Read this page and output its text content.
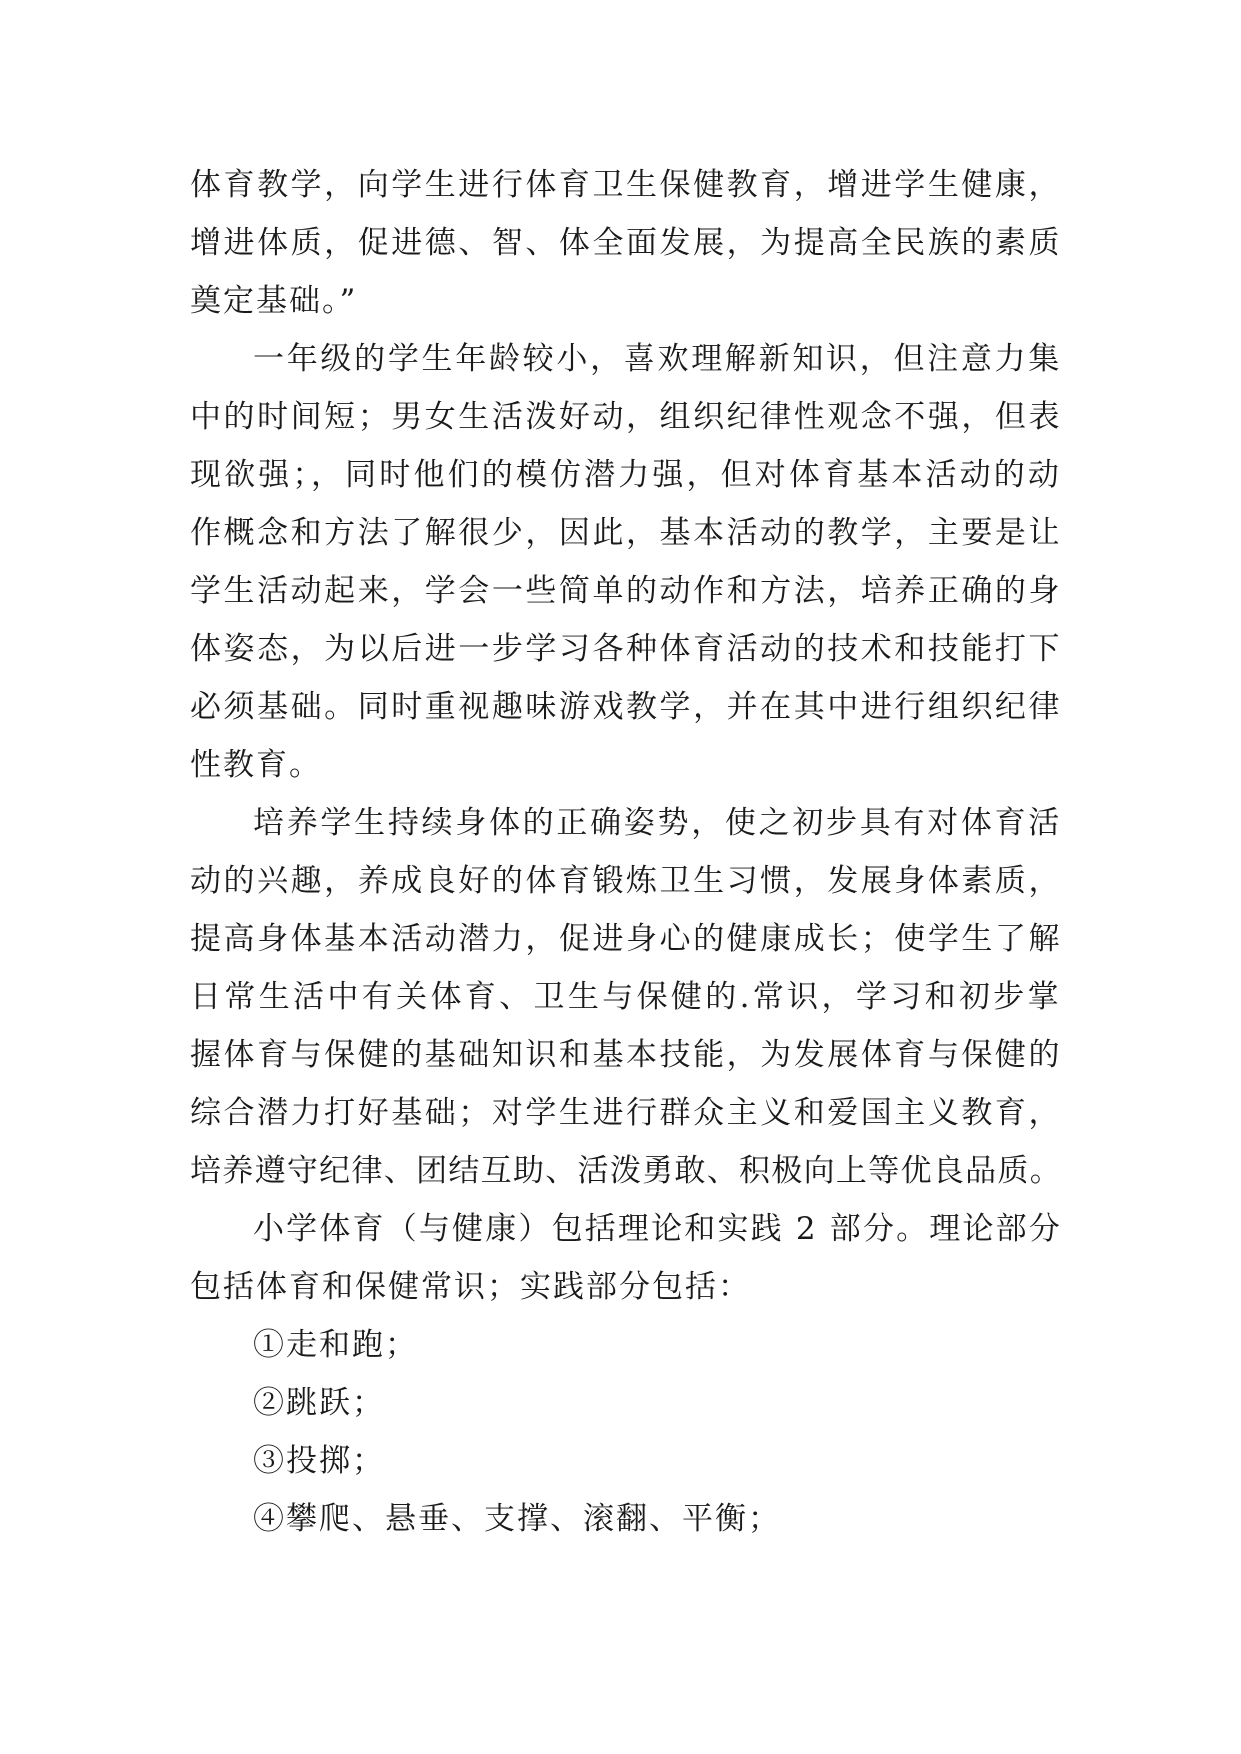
体育教学，向学生进行体育卫生保健教育，增进学生健康，
增进体质，促进德、智、体全面发展，为提高全民族的素质
奠定基础。”
一年级的学生年龄较小，喜欢理解新知识，但注意力集
中的时间短；男女生活泼好动，组织纪律性观念不强，但表
现欲强；，同时他们的模仿潜力强，但对体育基本活动的动
作概念和方法了解很少，因此，基本活动的教学，主要是让
学生活动起来，学会一些简单的动作和方法，培养正确的身
体姿态，为以后进一步学习各种体育活动的技术和技能打下
必须基础。同时重视趣味游戏教学，并在其中进行组织纪律
性教育。
培养学生持续身体的正确姿势，使之初步具有对体育活
动的兴趣，养成良好的体育锻炼卫生习惯，发展身体素质，
提高身体基本活动潜力，促进身心的健康成长；使学生了解
日常生活中有关体育、卫生与保健的.常识，学习和初步掌
握体育与保健的基础知识和基本技能，为发展体育与保健的
综合潜力打好基础；对学生进行群众主义和爱国主义教育，
培养遵守纪律、团结互助、活泼勇敢、积极向上等优良品质。
小学体育（与健康）包括理论和实践 2 部分。理论部分
包括体育和保健常识；实践部分包括：
①走和跑；
②跳跃；
③投掷；
④攀爬、悬垂、支撑、滚翻、平衡；
